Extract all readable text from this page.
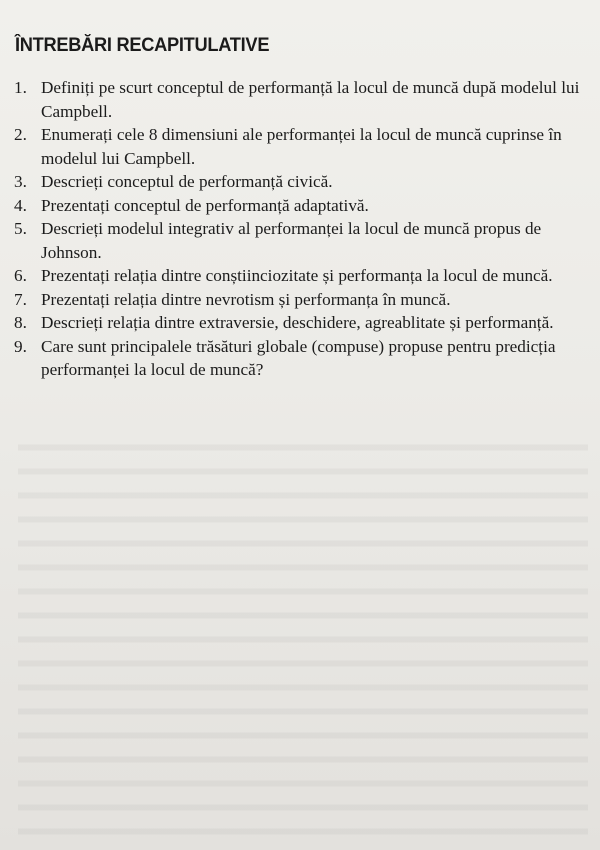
ÎNTREBĂRI RECAPITULATIVE
1. Definiți pe scurt conceptul de performanță la locul de muncă după modelul lui Campbell.
2. Enumerați cele 8 dimensiuni ale performanței la locul de muncă cuprinse în modelul lui Campbell.
3. Descrieți conceptul de performanță civică.
4. Prezentați conceptul de performanță adaptativă.
5. Descrieți modelul integrativ al performanței la locul de muncă propus de Johnson.
6. Prezentați relația dintre conștiinciozitate și performanța la locul de muncă.
7. Prezentați relația dintre nevrotism și performanța în muncă.
8. Descrieți relația dintre extraversie, deschidere, agreablitate și performanță.
9. Care sunt principalele trăsături globale (compuse) propuse pentru predicția performanței la locul de muncă?
